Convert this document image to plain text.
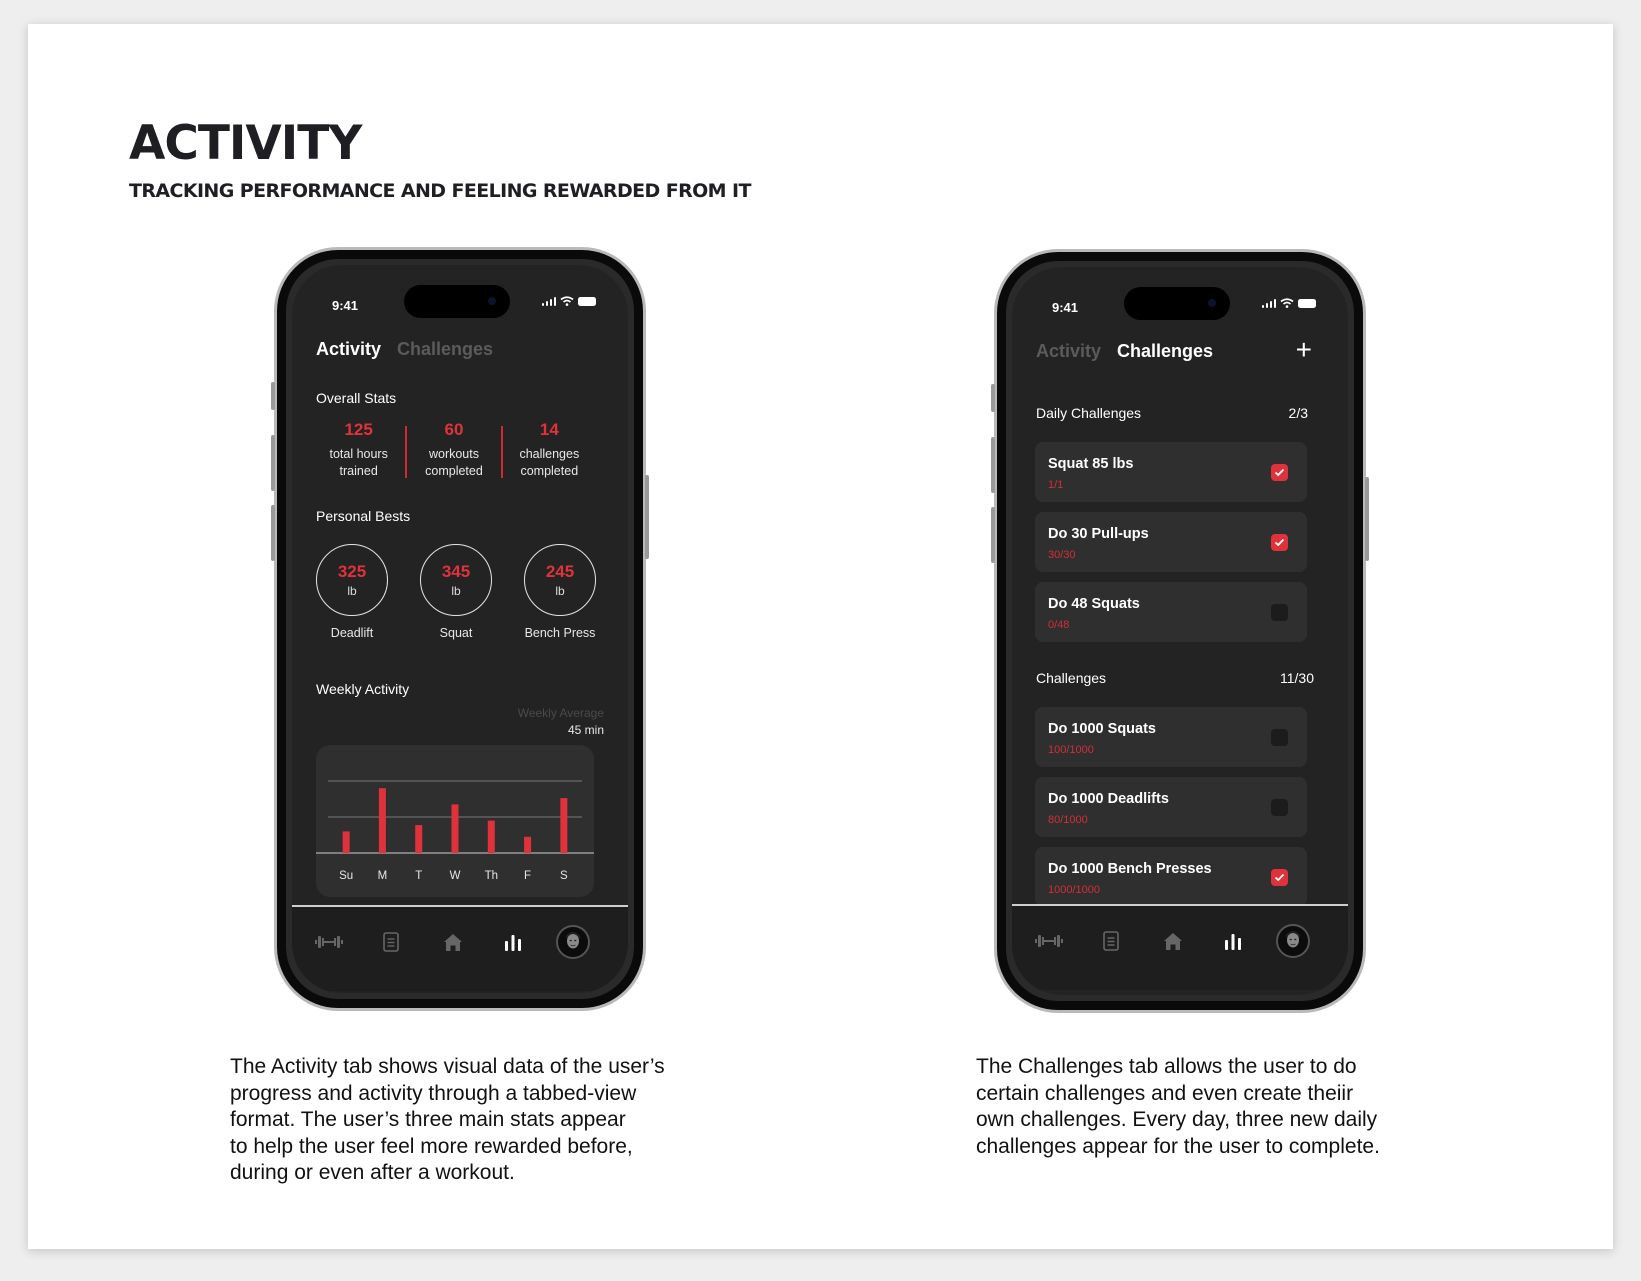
ACTIVITY
TRACKING PERFORMANCE AND FEELING REWARDED FROM IT
9:41
Activity Challenges
Overall Stats
125
total hours
trained
60
workouts
completed
14
challenges
completed
Personal Bests
325
lb
Deadlift
345
lb
Squat
245
lb
Bench Press
Weekly Activity
Weekly Average
45 min
Su M T W Th F	S
9:41
Activity Challenges	+
Daily Challenges	2/3
Squat 85 lbs
1/1
Do 30 Pull-ups
30/30
Do 48 Squats
0/48
Challenges	11/30
Do 1000 Squats
100/1000
Do 1000 Deadlifts
80/1000
Do 1000 Bench Presses
1000/1000
The Activity tab shows visual data of the user’s
progress and activity through a tabbed-view
format. The user’s three main stats appear
to help the user feel more rewarded before,
during or even after a workout.
The Challenges tab allows the user to do
certain challenges and even create theiir
own challenges. Every day, three new daily
challenges appear for the user to complete.
